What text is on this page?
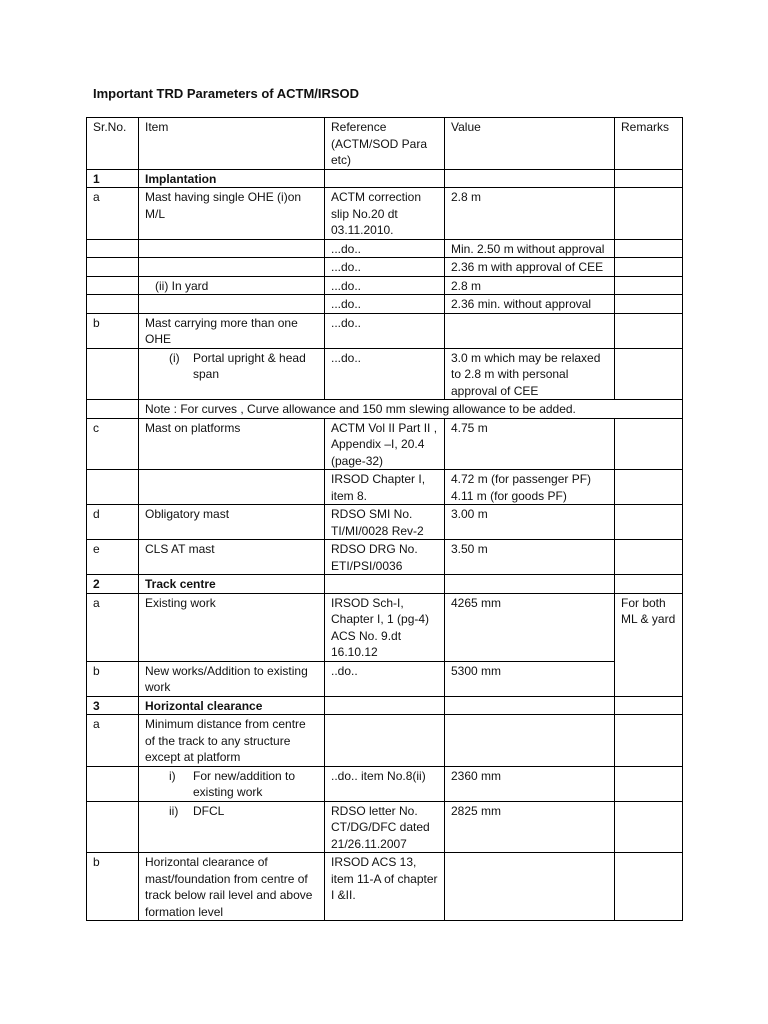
Important TRD Parameters of ACTM/IRSOD
Sr.No.	Item	Reference (ACTM/SOD Para etc)	Value	Remarks
1	Implantation			
a	Mast having single OHE (i)on M/L	ACTM correction slip No.20 dt 03.11.2010.	2.8 m	
		...do..	Min. 2.50 m without approval	
		...do..	2.36 m with approval of CEE	
	(ii) In yard	...do..	2.8 m	
		...do..	2.36 min. without approval	
b	Mast carrying more than one OHE	...do..		

	(i) Portal upright & head span	...do..	3.0 m which may be relaxed to 2.8 m with personal approval of CEE	
	Note : For curves , Curve allowance and 150 mm slewing allowance to be added.			
c	Mast on platforms	ACTM Vol II Part II , Appendix –I, 20.4 (page-32)	4.75 m	
		IRSOD Chapter I, item 8.	4.72 m (for passenger PF)
4.11 m (for goods PF)	

d	Obligatory mast	RDSO SMI No. TI/MI/0028 Rev-2	3.00 m	
e	CLS AT mast	RDSO DRG No. ETI/PSI/0036	3.50 m	
2	Track centre			
a	Existing work	IRSOD Sch-I, Chapter I, 1 (pg-4) ACS No. 9.dt 16.10.12	4265 mm	For both ML & yard
b	New works/Addition to existing work	..do..	5300 mm	
3	Horizontal clearance			
a	Minimum distance from centre of the track to any structure except at platform			

	i) For new/addition to existing work	..do.. item No.8(ii)	2360 mm	

	ii) DFCL	RDSO letter No. CT/DG/DFC dated 21/26.11.2007	2825 mm	
b	Horizontal clearance of mast/foundation from centre of track below rail level and above formation level	IRSOD ACS 13, item 11-A of chapter I &II.		
